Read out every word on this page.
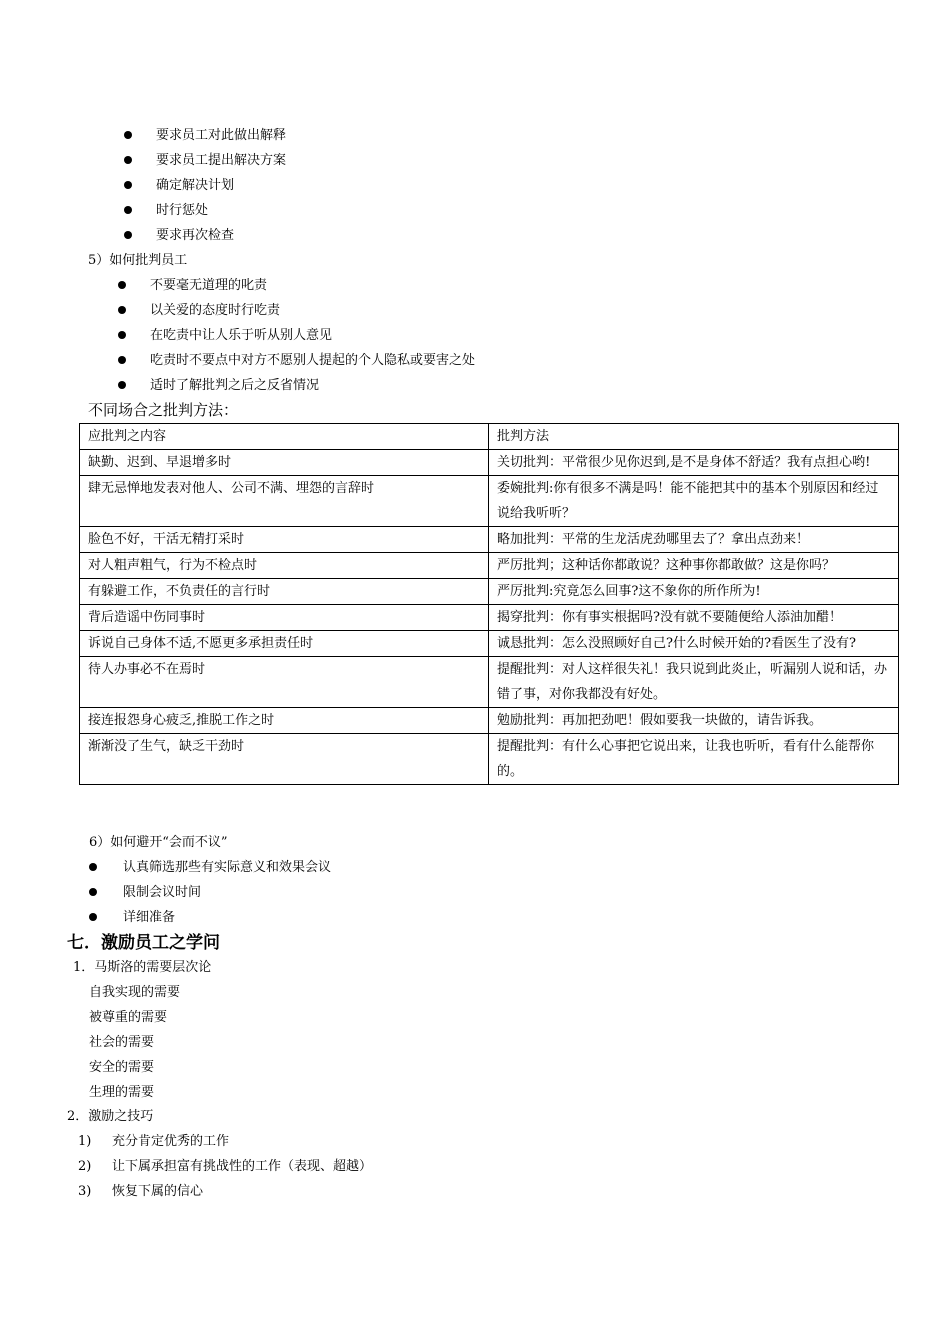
要求员工对此做出解释
要求员工提出解决方案
确定解决计划
时行惩处
要求再次检查
5）如何批判员工
不要毫无道理的叱责
以关爱的态度时行吃责
在吃责中让人乐于听从别人意见
吃责时不要点中对方不愿别人提起的个人隐私或要害之处
适时了解批判之后之反省情况
不同场合之批判方法：
应批判之内容	批判方法
缺勤、迟到、早退增多时	关切批判：平常很少见你迟到,是不是身体不舒适？我有点担心哟!
肆无忌惮地发表对他人、公司不满、埋怨的言辞时	委婉批判:你有很多不满是吗！能不能把其中的基本个别原因和经过说给我听听？
脸色不好，干活无精打采时	略加批判：平常的生龙活虎劲哪里去了？拿出点劲来！
对人粗声粗气，行为不检点时	严厉批判；这种话你都敢说？这种事你都敢做？这是你吗？
有躲避工作，不负责任的言行时	严厉批判:究竟怎么回事?这不象你的所作所为!
背后造谣中伤同事时	揭穿批判：你有事实根据吗?没有就不要随便给人添油加醋！
诉说自己身体不适,不愿更多承担责任时	诚恳批判：怎么没照顾好自己?什么时候开始的?看医生了没有?
待人办事必不在焉时	提醒批判：对人这样很失礼！我只说到此炎止，听漏别人说和话，办错了事，对你我都没有好处。
接连报怨身心疲乏,推脱工作之时	勉励批判：再加把劲吧！假如要我一块做的，请告诉我。
渐渐没了生气，缺乏干劲时	提醒批判：有什么心事把它说出来，让我也听听，看有什么能帮你的。
6）如何避开“会而不议”
认真筛选那些有实际意义和效果会议
限制会议时间
详细准备
七．激励员工之学问
1．马斯洛的需要层次论
自我实现的需要
被尊重的需要
社会的需要
安全的需要
生理的需要
2．激励之技巧
1) 充分肯定优秀的工作
2) 让下属承担富有挑战性的工作（表现、超越）
3) 恢复下属的信心
